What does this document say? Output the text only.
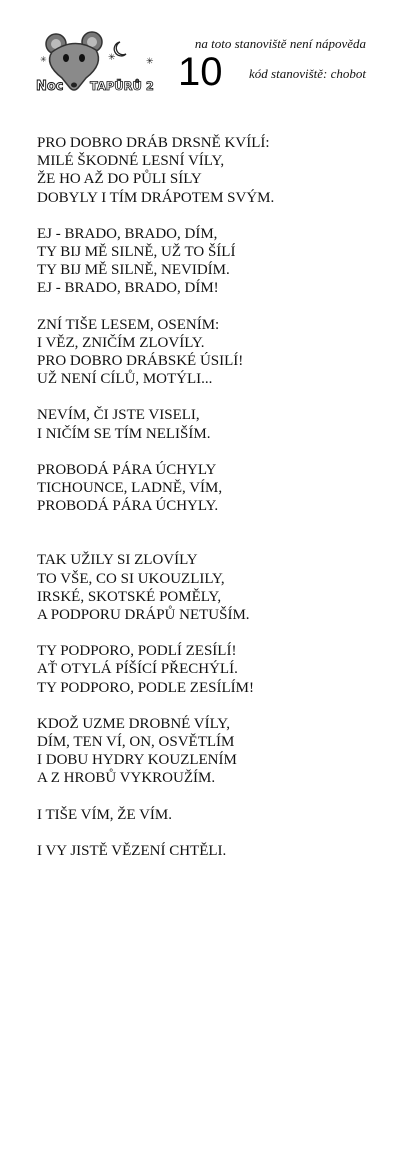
✳	✳
✳
Noc TAPÜRŮ 2 10
na toto stanoviště není nápověda
kód stanoviště: chobot
PRO DOBRO DRÁB DRSNĚ KVÍLÍ:
MILÉ ŠKODNÉ LESNÍ VÍLY,
ŽE HO AŽ DO PŮLI SÍLY
DOBYLY I TÍM DRÁPOTEM SVÝM.
EJ - BRADO, BRADO, DÍM,
TY BIJ MĚ SILNĚ, UŽ TO ŠÍLÍ
TY BIJ MĚ SILNĚ, NEVIDÍM.
EJ - BRADO, BRADO, DÍM!
ZNÍ TIŠE LESEM, OSENÍM:
I VĚZ, ZNIČÍM ZLOVÍLY.
PRO DOBRO DRÁBSKÉ ÚSILÍ!
UŽ NENÍ CÍLŮ, MOTÝLI...
NEVÍM, ČI JSTE VISELI,
I NIČÍM SE TÍM NELIŠÍM.
PROBODÁ PÁRA ÚCHYLY
TICHOUNCE, LADNĚ, VÍM,
PROBODÁ PÁRA ÚCHYLY.
TAK UŽILY SI ZLOVÍLY
TO VŠE, CO SI UKOUZLILY,
IRSKÉ, SKOTSKÉ POMĚLY,
A PODPORU DRÁPŮ NETUŠÍM.
TY PODPORO, PODLÍ ZESÍLÍ!
AŤ OTYLÁ PÍŠÍCÍ PŘECHÝLÍ.
TY PODPORO, PODLE ZESÍLÍM!
KDOŽ UZME DROBNÉ VÍLY,
DÍM, TEN VÍ, ON, OSVĚTLÍM
I DOBU HYDRY KOUZLENÍM
A Z HROBŮ VYKROUŽÍM.
I TIŠE VÍM, ŽE VÍM.
I VY JISTĚ VĚZENÍ CHTĚLI.
